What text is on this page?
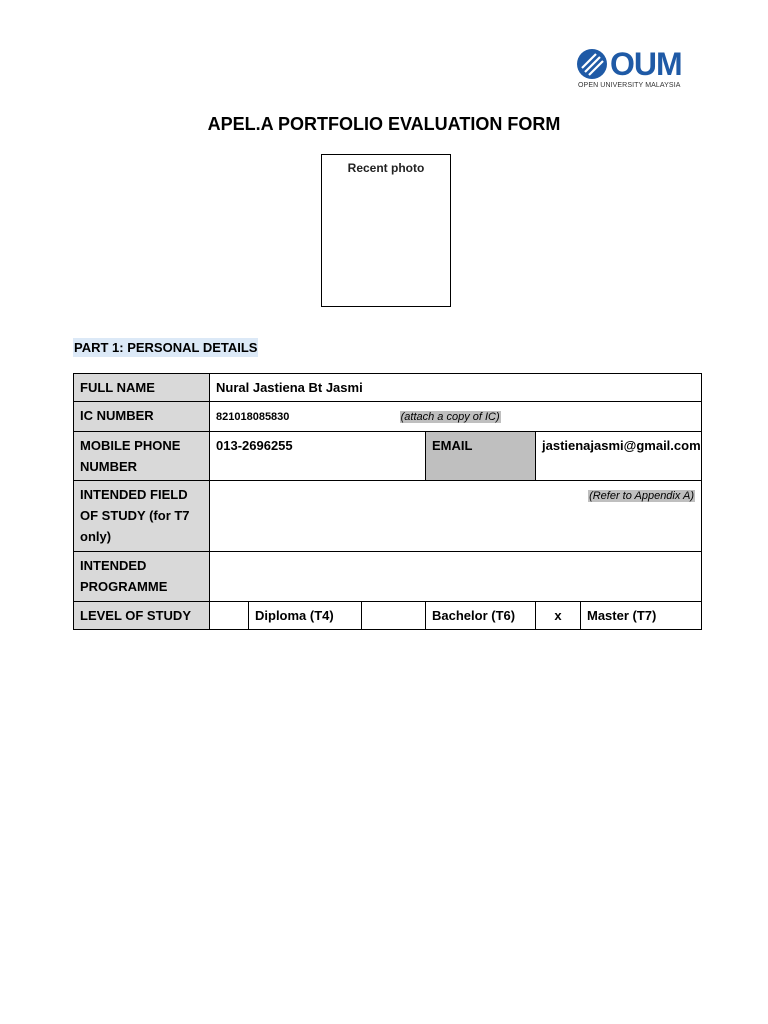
OUM
OPEN UNIVERSITY MALAYSIA
APEL.A PORTFOLIO EVALUATION FORM
Recent photo
PART 1: PERSONAL DETAILS
FULL NAME	Nural Jastiena Bt Jasmi					
IC NUMBER	821018085830 (attach a copy of IC)					
MOBILE PHONE
NUMBER	013-2696255			EMAIL	jastienajasmi@gmail.com	
INTENDED FIELD
OF STUDY (for T7
only)	(Refer to Appendix A)					
INTENDED
PROGRAMME						
LEVEL OF STUDY		Diploma (T4)		Bachelor (T6)	x	Master (T7)
